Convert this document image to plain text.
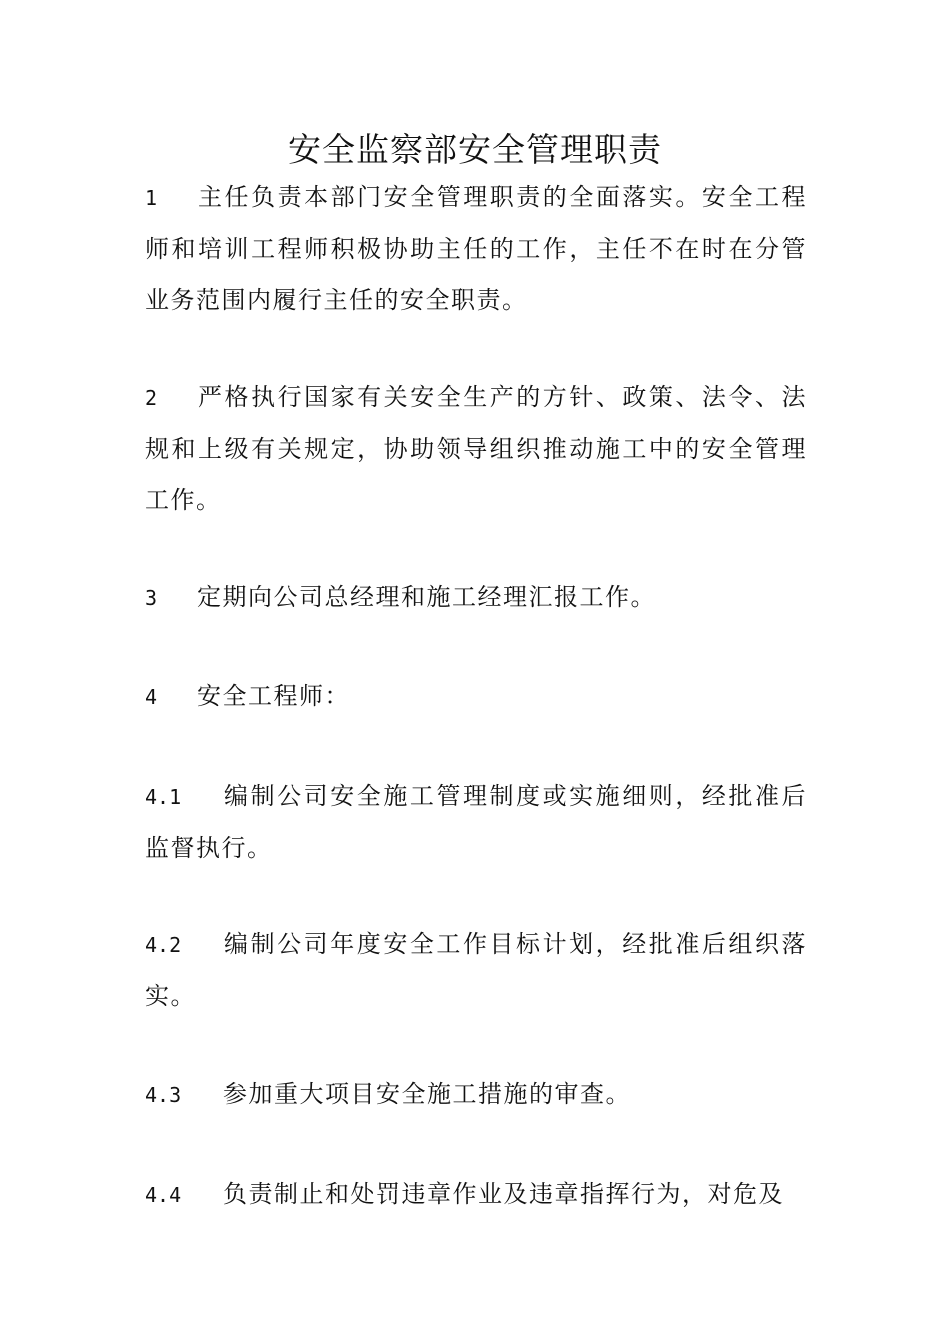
安全监察部安全管理职责
1 主任负责本部门安全管理职责的全面落实。安全工程师和培训工程师积极协助主任的工作，主任不在时在分管业务范围内履行主任的安全职责。
2 严格执行国家有关安全生产的方针、政策、法令、法规和上级有关规定，协助领导组织推动施工中的安全管理工作。
3 定期向公司总经理和施工经理汇报工作。
4 安全工程师：
4.1 编制公司安全施工管理制度或实施细则，经批准后监督执行。
4.2 编制公司年度安全工作目标计划，经批准后组织落实。
4.3 参加重大项目安全施工措施的审查。
4.4 负责制止和处罚违章作业及违章指挥行为，对危及
